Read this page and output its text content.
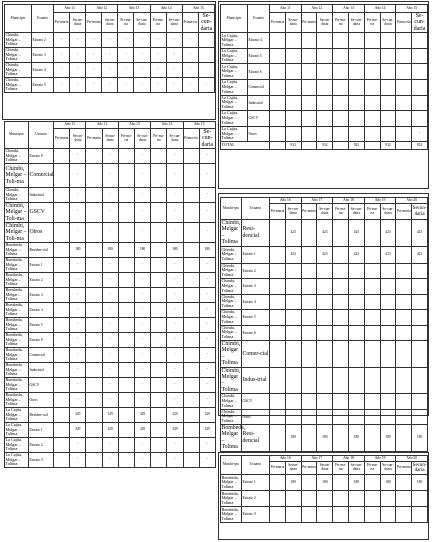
Municipio	Usuario	Año 11		Año 12		Año 13		Año 14		Año 15	
		Pri-maria	Secun-daria	Pri-maria	Secun-daria	Pri-ma-ria	Se-cun-daria	Pri-ma-ria	Se-cun-daria	Prima-ria	Se-cun-daria
Chimbi, Melgar – Tolima	Estrato 2	-	-	-	-	-	-	-	-	-	
Chimbi, Melgar – Tolima	Estrato 3	-	-	-	-	-	-	-	-	-	
Chimbi, Melgar – Tolima	Estrato 4	-	-	-	-	-	-	-	-	-	
Chimbi, Melgar – Tolima	Estrato 5	-	-	-	-	-	-	-	-	-	-
Municipio	Usuario	Año 11		Año 12		Año 13		Año 14		Año 15	
		Pri-maria	Secun-daria	Pri-maria	Secun-daria	Pri-ma-ria	Se-cun-daria	Pri-ma-ria	Se-cun-daria	Prima-ria	Se-cun-daria
La Cajita, Melgar – Tolima	Estrato 4										
La Cajita, Melgar – Tolima	Estrato 5										
La Cajita, Melgar – Tolima	Estrato 6										
La Cajita, Melgar – Tolima	Comercial										
La Cajita, Melgar – Tolima	Industrial										
La Cajita, Melgar – Tolima	GSCV										
La Cajita, Melgar – Tolima	Otros										-
TOTAL			932		932		932		932		932
Municipio	Usuario	Año 11		Año 12		Año 13		Año 14		Año 15	
		Pri-maria	Secun-daria	Pri-maria	Secun-daria	Pri-ma-ria	Se-cun-daria	Pri-ma-ria	Se-cun-daria	Prima-ria	Se-cun-daria
Chimbi, Melgar – Tolima	Estrato 6		-		-		-		-		-
Chimbi, Melgar – Toli-ma	Comercial		-		-		-		-		-
Chimbi, Melgar – Tolima	Industrial		-		-		-		-		-
Chimbi, Melgar – Toli-ma	GSCV		-		-		-		-		-
Chimbi, Melgar – Toli-ma	Otros		-		-		-		-		-
Bombeda, Melgar – Tolima	Residen-cial		180		180		180		180		180
Bombeda, Melgar – Tolima	Estrato 1		-		-		-		-		-
Bombeda, Melgar – Tolima	Estrato 2		-		-		-		-		-
Bombeda, Melgar – Tolima	Estrato 3		-		-		-		-		-
Bombeda, Melgar – Tolima	Estrato 4		-		-		-		-		-
Bombeda, Melgar – Tolima	Estrato 5		-		-		-		-		-
Bombeda, Melgar – Tolima	Estrato 6		-		-		-		-		-
Bombeda, Melgar – Tolima	Comercial		-		-		-		-		-
Bombeda, Melgar – Tolima	Industrial		-		-		-		-		-
Bombeda, Melgar – Tolima	GSCV		-		-		-		-		-
Bombeda, Melgar – Tolima	Otros		-		-		-		-		-
La Cajita, Melgar – Tolima	Residen-cial		329		329		329		329		329
La Cajita, Melgar – Tolima	Estrato 1		329		329		329		329		329
La Cajita, Melgar – Tolima	Estrato 2		-		-		-		-		-
La Cajita, Melgar – Tolima	Estrato 3		-		-		-		-		-
Munici-pio	Usuario	Año 16		Año 17		Año 18		Año 19		Año 20	
		Pri-maria	Se-cun-daria	Pri-maria	Se-cun-daria	Pri-ma-ria	Se-cun-daria	Pri-ma-ria	Se-cun-daria	Pri-maria	Secun-daria
Chimbi, Melgar – Tolima	Resi-dencial		423		423		423		423		423
Chimbi, Melgar – Tolima	Estrato 1		423		423		423		423		423
Chimbi, Melgar – Tolima	Estrato 2										
Chimbi, Melgar – Tolima	Estrato 3										
Chimbi, Melgar – Tolima	Estrato 4										
Chimbi, Melgar – Tolima	Estrato 5										
Chimbi, Melgar – Tolima	Estrato 6										
Chimbi, Melgar – Tolima	Comer-cial										
Chimbi, Melgar – Tolima	Indus-trial										
Chimbi, Melgar – Tolima	GSCV										
Chimbi, Melgar – Tolima	Otros										-
Bombeda, Melgar – Tolima	Resi-dencial		180		180		180		180		180
Munici-pio	Usuario	Año 16		Año 17		Año 18		Año 19		Año 20	
		Pri-maria	Secun-daria	Pri-maria	Secun-daria	Pri-ma-ria	Se-cun-daria	Pri-ma-ria	Se-cun-daria	Pri-maria	Secun-daria
Bombeda, Melgar – Tolima	Estrato 1		180		180		180		180		180
Bombeda, Melgar – Tolima	Estrato 2										
Bombeda, Melgar – Tolima	Estrato 3										
